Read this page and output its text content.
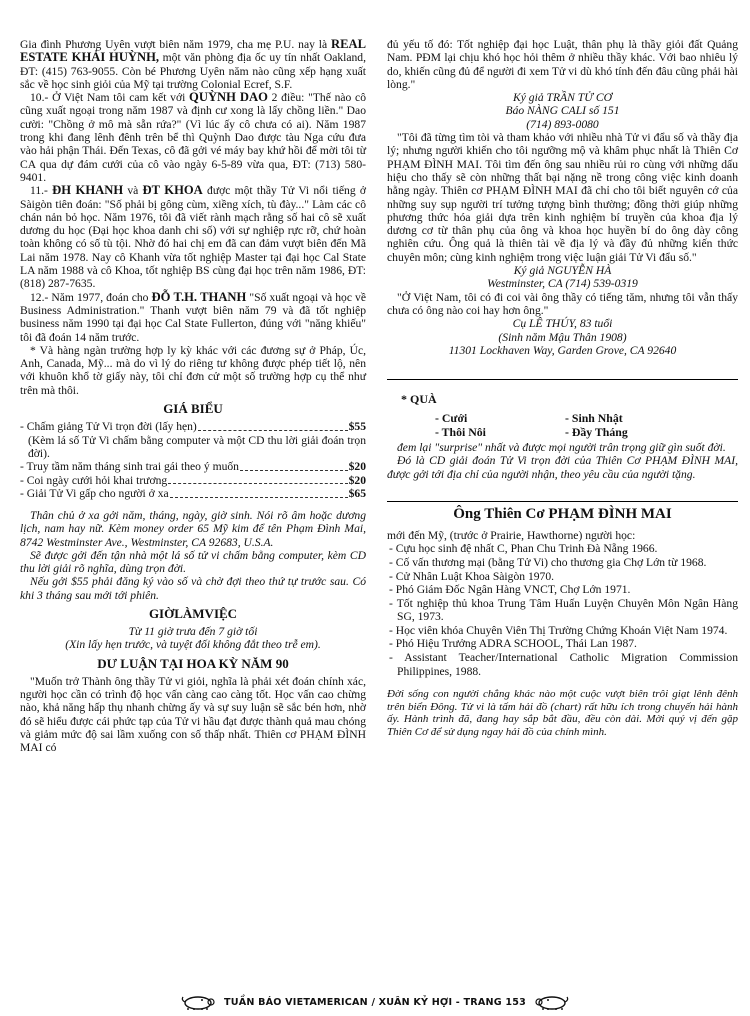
Gia đình Phương Uyên vượt biên năm 1979, cha mẹ P.U. nay là REAL ESTATE KHẢI HUỲNH, một văn phòng địa ốc uy tín nhất Oakland, ĐT: (415) 763-9055. Còn bé Phương Uyên năm nào cũng xếp hạng xuất sắc về học sinh giỏi của Mỹ tại trường Colonial Ecref, S.F.

10.- Ở Việt Nam tôi cam kết với QUỲNH DAO 2 điều: "Thế nào cô cũng xuất ngoại trong năm 1987 và định cư xong là lấy chồng liền." Dao cười: "Chồng ở mô mà sẵn rứa?" (Vì lúc ấy cô chưa có ai). Năm 1987 trong khi đang lênh đênh trên bể thì Quỳnh Dao được tàu Nga cứu đưa vào hải phận Thái. Đến Texas, cô đã gởi vé máy bay khứ hồi để mời tôi từ CA qua dự đám cưới của cô vào ngày 6-5-89 vừa qua, ĐT: (713) 580-9401.

11.- ĐH KHANH và ĐT KHOA được một thầy Tử Vi nổi tiếng ở Sàigòn tiên đoán: "Số phải bị gông cùm, xiềng xích, tù đày..." Làm các cô chán nản bỏ học. Năm 1976, tôi đã viết rành mạch rằng số hai cô sẽ xuất dương du học (Đại học khoa danh chi số) với sự nghiệp rực rỡ, chứ hoàn toàn không có số tù tội. Nhờ đó hai chị em đã can đảm vượt biên đến Mã Lai năm 1978. Nay cô Khanh vừa tốt nghiệp Master tại đại học Cal State LA năm 1988 và cô Khoa, tốt nghiệp BS cùng đại học trên năm 1986, ĐT: (818) 287-7635.

12.- Năm 1977, đoán cho ĐỖ T.H. THANH "Số xuất ngoại và học về Business Administration." Thanh vượt biên năm 79 và đã tốt nghiệp business năm 1990 tại đại học Cal State Fullerton, đúng với "năng khiếu" tôi đã đoán 14 năm trước.

* Và hàng ngàn trường hợp ly kỳ khác với các đương sự ở Pháp, Úc, Anh, Canada, Mỹ... mà do vì lý do riêng tư không được phép tiết lộ, nên với khuôn khổ tờ giấy này, tôi chỉ đơn cử một số trường hợp cụ thể như trên mà thôi.

GIÁ BIỂU
- Chấm giảng Tử Vi trọn đời (lấy hẹn)	$55

(Kèm lá số Tử Vi chấm bằng computer và một CD thu lời giải đoán trọn đời).

- Truy tầm năm tháng sinh trai gái theo ý muốn	$20
- Coi ngày cưới hỏi khai trương	$20
- Giải Tử Vi gấp cho người ở xa	$65

Thân chủ ở xa gởi năm, tháng, ngày, giờ sinh. Nói rõ âm hoặc dương lịch, nam hay nữ. Kèm money order 65 Mỹ kim để tên Phạm Đình Mai, 8742 Westminster Ave., Westminster, CA 92683, U.S.A.

Sẽ được gởi đến tận nhà một lá số tử vi chấm bằng computer, kèm CD thu lời giải rõ nghĩa, dùng trọn đời.

Nếu gởi $55 phải đăng ký vào số và chờ đợi theo thứ tự trước sau. Có khi 3 tháng sau mới tới phiên.

GIỜLÀMVIỆC

Từ 11 giờ trưa đến 7 giờ tối

(Xin lấy hẹn trước, và tuyệt đối không đắt theo trễ em).

DƯ LUẬN TẠI HOA KỲ NĂM 90

"Muốn trở Thành ông thầy Tử vi giỏi, nghĩa là phải xét đoán chính xác, người học cần có trình độ học vấn càng cao càng tốt. Học vấn cao chừng nào, khả năng hấp thụ nhanh chừng ấy và sự suy luận sẽ sắc bén hơn, nhờ đó sẽ hiểu được cái phức tạp của Tử vi hầu đạt được thành quả mau chóng và giảm mức độ sai lầm xuống con số thấp nhất. Thiên cơ PHẠM ĐÌNH MAI có

đủ yếu tố đó: Tốt nghiệp đại học Luật, thân phụ là thầy giỏi đất Quảng Nam. PĐM lại chịu khó học hỏi thêm ở nhiều thầy khác. Với bao nhiêu lý do, khiến cũng đủ để người đi xem Tử vi dù khó tính đến đâu cũng phải hài lòng."

Ký giả TRẦN TỬ CƠ

Báo NÀNG CALI số 151

(714) 893-0080

"Tôi đã từng tìm tòi và tham khảo với nhiều nhà Tử vi đẩu số và thầy địa lý; nhưng người khiến cho tôi ngưỡng mộ và khâm phục nhất là Thiên Cơ PHẠM ĐÌNH MAI. Tôi tìm đến ông sau nhiều rủi ro cùng với những dấu hiệu cho thấy sẽ còn những thất bại nặng nề trong công việc kinh doanh hằng ngày. Thiên cơ PHẠM ĐÌNH MAI đã chỉ cho tôi biết nguyên cớ của những suy sụp người trí tưởng tượng bình thường; đồng thời giúp những phương thức hóa giải dựa trên kinh nghiệm bí truyền của khoa địa lý dương cơ từ thân phụ của ông và khoa học huyền bí do ông dày công nghiên cứu. Ông quả là thiên tài về địa lý và đầy đủ những kiến thức chuyên môn; cùng kinh nghiệm trong việc luận giải Tử Vi đẩu số."

Ký giả NGUYỄN HÀ

Westminster, CA (714) 539-0319

"Ở Việt Nam, tôi có đi coi vài ông thầy có tiếng tăm, nhưng tôi vẫn thấy chưa có ông nào coi hay hơn ông."

Cụ LÊ THÚY, 83 tuổi

(Sinh năm Mậu Thân 1908)

11301 Lockhaven Way, Garden Grove, CA 92640

* QUÀ
- Cưới	- Sinh Nhật
- Thôi Nôi	- Đầy Tháng

đem lại "surprise" nhất và được mọi người trân trọng giữ gìn suốt đời.

Đó là CD giải đoán Tử Vi trọn đời của Thiên Cơ PHẠM ĐÌNH MAI, được gởi tới địa chỉ của người nhận, theo yêu cầu của người tặng.

Ông Thiên Cơ PHẠM ĐÌNH MAI

mới đến Mỹ, (trước ở Prairie, Hawthorne) người học:

- Cựu học sinh đệ nhất C, Phan Chu Trinh Đà Nẵng 1966.

- Cố vấn thương mại (bằng Tử Vi) cho thương gia Chợ Lớn từ 1968.

- Cử Nhân Luật Khoa Sàigòn 1970.

- Phó Giám Đốc Ngân Hàng VNCT, Chợ Lớn 1971.

- Tốt nghiệp thủ khoa Trung Tâm Huấn Luyện Chuyên Môn Ngân Hàng SG, 1973.

- Học viên khóa Chuyên Viên Thị Trường Chứng Khoán Việt Nam 1974.

- Phó Hiệu Trưởng ADRA SCHOOL, Thái Lan 1987.

- Assistant Teacher/International Catholic Migration Commission Philippines, 1988.

Đời sống con người chẳng khác nào một cuộc vượt biên trôi giạt lênh đênh trên biển Đông. Tử vi là tấm hải đồ (chart) rất hữu ích trong chuyến hải hành ấy. Hành trình đã, đang hay sắp bắt đầu, đều còn dài. Mời quý vị đến gặp Thiên Cơ để sử dụng ngay hải đồ của chính mình.

TUẦN BÁO VIETAMERICAN / XUÂN KỶ HỢI - TRANG 153
